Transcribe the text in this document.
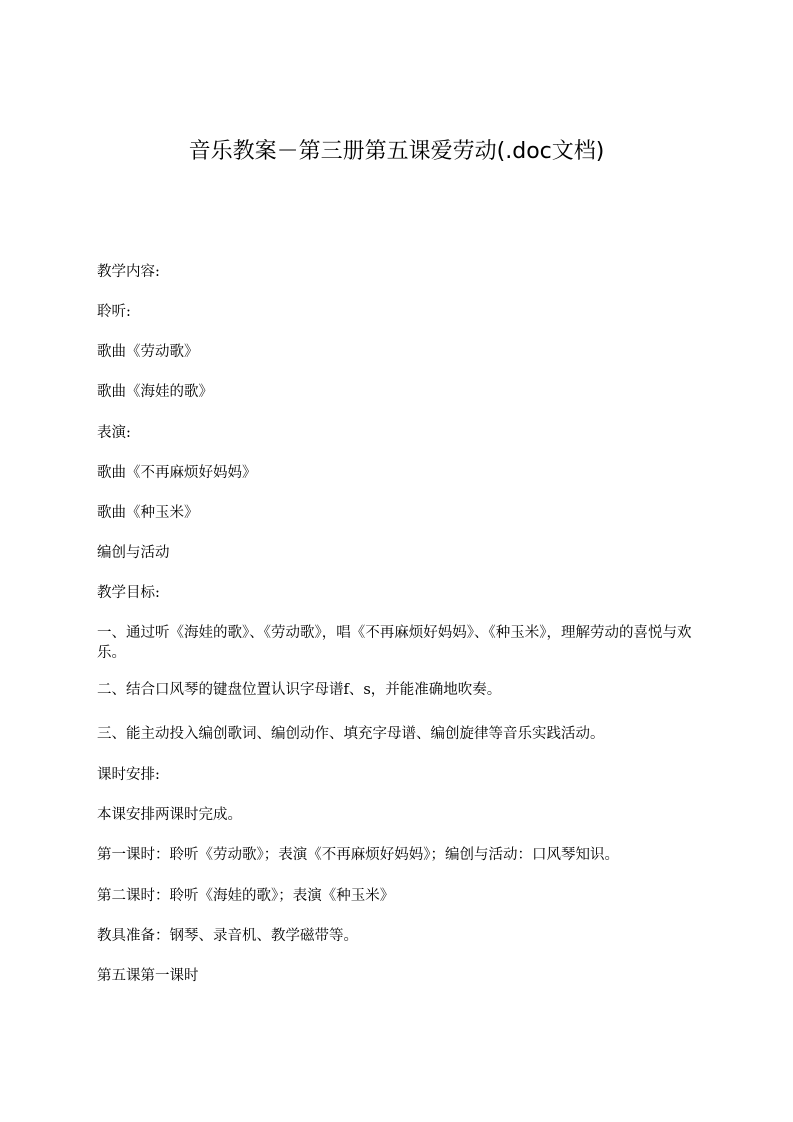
音乐教案－第三册第五课爱劳动(.doc文档)
教学内容:
聆听:
歌曲《劳动歌》
歌曲《海娃的歌》
表演:
歌曲《不再麻烦好妈妈》
歌曲《种玉米》
编创与活动
教学目标:
一、通过听《海娃的歌》、《劳动歌》，唱《不再麻烦好妈妈》、《种玉米》，理解劳动的喜悦与欢乐。
二、结合口风琴的键盘位置认识字母谱f、s，并能准确地吹奏。
三、能主动投入编创歌词、编创动作、填充字母谱、编创旋律等音乐实践活动。
课时安排:
本课安排两课时完成。
第一课时：聆听《劳动歌》；表演《不再麻烦好妈妈》；编创与活动：口风琴知识。
第二课时：聆听《海娃的歌》；表演《种玉米》
教具准备：钢琴、录音机、教学磁带等。
第五课第一课时
